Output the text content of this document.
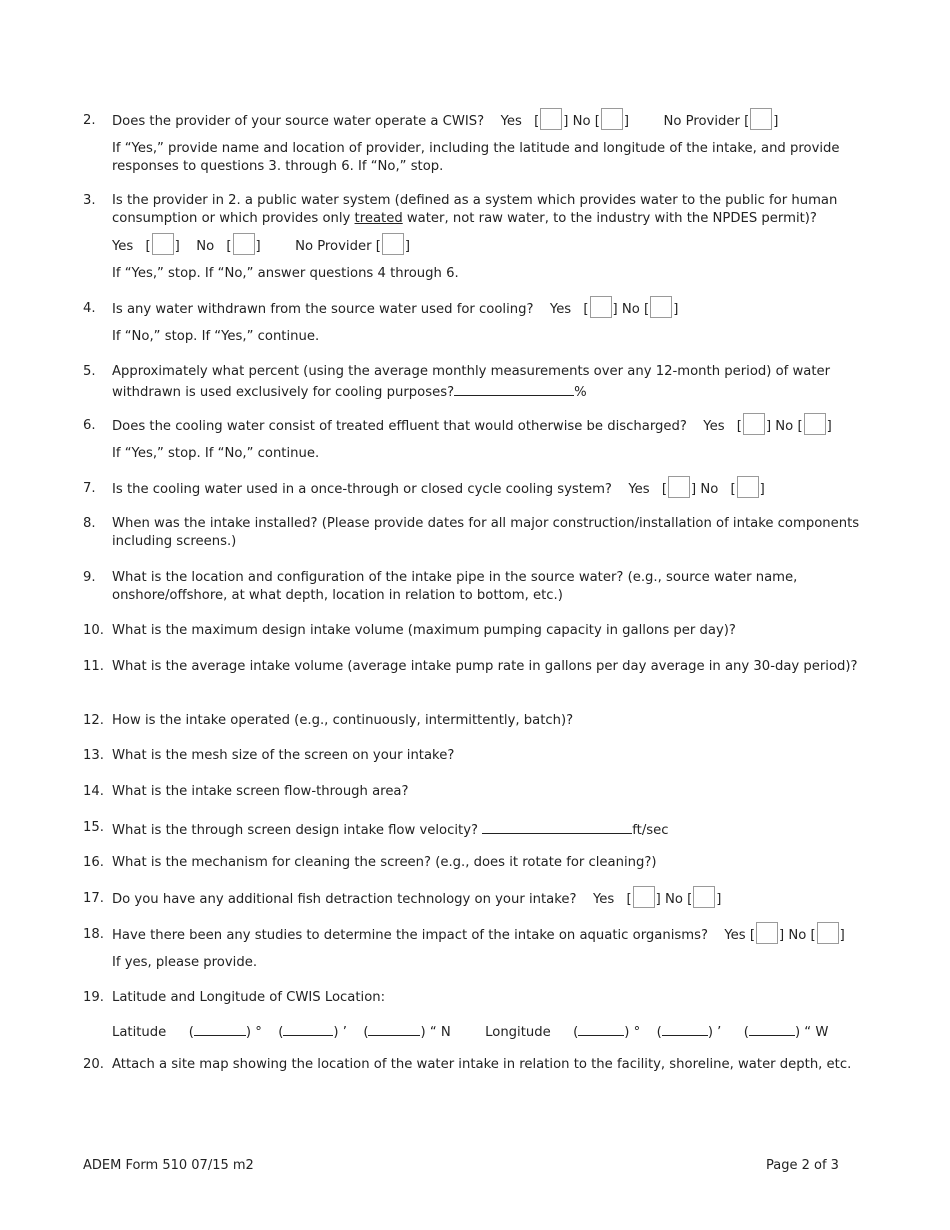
2. Does the provider of your source water operate a CWIS? Yes [ ] No [ ]	No Provider [ ]
If “Yes,” provide name and location of provider, including the latitude and longitude of the intake, and provide responses to questions 3. through 6. If “No,” stop.
3. Is the provider in 2. a public water system (defined as a system which provides water to the public for human consumption or which provides only treated water, not raw water, to the industry with the NPDES permit)?
Yes [ ] No [ ]	No Provider [ ]
If “Yes,” stop. If “No,” answer questions 4 through 6.
4. Is any water withdrawn from the source water used for cooling? Yes [ ] No [ ]
If “No,” stop. If “Yes,” continue.
5. Approximately what percent (using the average monthly measurements over any 12-month period) of water withdrawn is used exclusively for cooling purposes?	%
6. Does the cooling water consist of treated effluent that would otherwise be discharged? Yes [ ] No [ ]
If “Yes,” stop. If “No,” continue.
7. Is the cooling water used in a once-through or closed cycle cooling system? Yes [ ] No [ ]
8. When was the intake installed? (Please provide dates for all major construction/installation of intake components including screens.)
9. What is the location and configuration of the intake pipe in the source water? (e.g., source water name, onshore/offshore, at what depth, location in relation to bottom, etc.)
10. What is the maximum design intake volume (maximum pumping capacity in gallons per day)?
11. What is the average intake volume (average intake pump rate in gallons per day average in any 30-day period)?
12. How is the intake operated (e.g., continuously, intermittently, batch)?
13. What is the mesh size of the screen on your intake?
14. What is the intake screen flow-through area?
15. What is the through screen design intake flow velocity?	ft/sec
16. What is the mechanism for cleaning the screen? (e.g., does it rotate for cleaning?)
17. Do you have any additional fish detraction technology on your intake? Yes [ ] No [ ]
18. Have there been any studies to determine the impact of the intake on aquatic organisms? Yes [ ] No [ ]
If yes, please provide.
19. Latitude and Longitude of CWIS Location:
Latitude (	) ° (	) ’ (	) “ N	Longitude (	) ° (	) ’ (	) “ W
20. Attach a site map showing the location of the water intake in relation to the facility, shoreline, water depth, etc.
ADEM Form 510 07/15 m2	Page 2 of 3
